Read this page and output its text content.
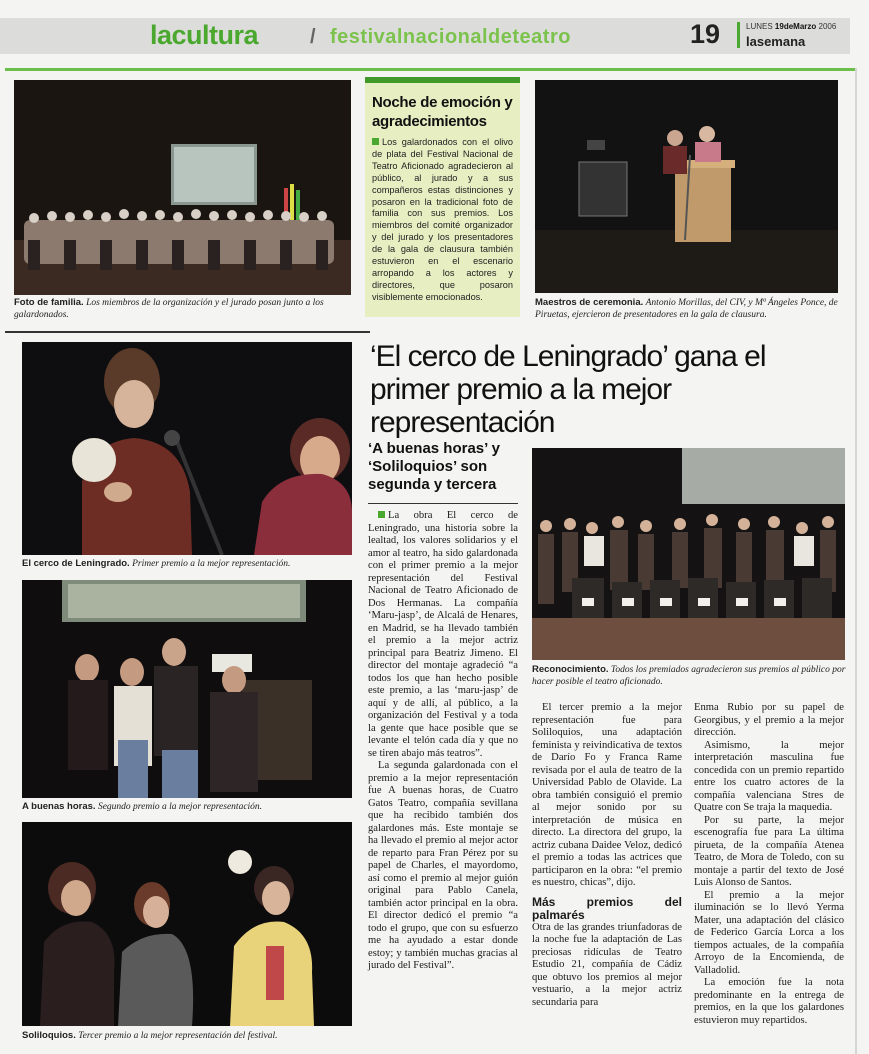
lacultura	/ festivalnacionaldeteatro	19	LUNES 19deMarzo 2006
lasemana
Foto de familia. Los miembros de la organización y el jurado posan junto a los galardonados.
Noche de emoción y agradecimientos
Los galardonados con el olivo de plata del Festival Nacional de Teatro Aficionado agradecieron al público, al jurado y a sus compañeros estas distinciones y posaron en la tradicional foto de familia con sus premios. Los miembros del comité organizador y del jurado y los presentadores de la gala de clausura también estuvieron en el escenario arropando a los actores y directores, que posaron visiblemente emocionados.
Maestros de ceremonia. Antonio Morillas, del CIV, y Mª Ángeles Ponce, de Piruetas, ejercieron de presentadores en la gala de clausura.
‘El cerco de Leningrado’ gana el primer premio a la mejor representación
‘A buenas horas’ y ‘Soliloquios’ son segunda y tercera
El cerco de Leningrado. Primer premio a la mejor representación.
A buenas horas. Segundo premio a la mejor representación.
Soliloquios. Tercer premio a la mejor representación del festival.
Reconocimiento. Todos los premiados agradecieron sus premios al público por hacer posible el teatro aficionado.

La obra El cerco de Leningrado, una historia sobre la lealtad, los valores solidarios y el amor al teatro, ha sido galardonada con el primer premio a la mejor representación del Festival Nacional de Teatro Aficionado de Dos Hermanas. La compañía ‘Maru-jasp’, de Alcalá de Henares, en Madrid, se ha llevado también el premio a la mejor actriz principal para Beatriz Jimeno. El director del montaje agradeció “a todos los que han hecho posible este premio, a las ‘maru-jasp’ de aquí y de allí, al público, a la organización del Festival y a toda la gente que hace posible que se levante el telón cada día y que no se tiren abajo más teatros”.

La segunda galardonada con el premio a la mejor representación fue A buenas horas, de Cuatro Gatos Teatro, compañía sevillana que ha recibido también dos galardones más. Este montaje se ha llevado el premio al mejor actor de reparto para Fran Pérez por su papel de Charles, el mayordomo, así como el premio al mejor guión original para Pablo Canela, también actor principal en la obra. El director dedicó el premio “a todo el grupo, que con su esfuerzo me ha ayudado a estar donde estoy; y también muchas gracias al jurado del Festival”.

El tercer premio a la mejor representación fue para Soliloquios, una adaptación feminista y reivindicativa de textos de Darío Fo y Franca Rame revisada por el aula de teatro de la Universidad Pablo de Olavide. La obra también consiguió el premio al mejor sonido por su interpretación de música en directo. La directora del grupo, la actriz cubana Daidee Veloz, dedicó el premio a todas las actrices que participaron en la obra: “el premio es nuestro, chicas”, dijo.

Más premios del palmarés

Otra de las grandes triunfadoras de la noche fue la adaptación de Las preciosas ridículas de Teatro Estudio 21, compañía de Cádiz que obtuvo los premios al mejor vestuario, a la mejor actriz secundaria para

Enma Rubio por su papel de Georgibus, y el premio a la mejor dirección.

Asimismo, la mejor interpretación masculina fue concedida con un premio repartido entre los cuatro actores de la compañía valenciana Stres de Quatre con Se traja la maquedia.

Por su parte, la mejor escenografía fue para La última pirueta, de la compañía Atenea Teatro, de Mora de Toledo, con su montaje a partir del texto de José Luis Alonso de Santos.

El premio a la mejor iluminación se lo llevó Yerma Mater, una adaptación del clásico de Federico García Lorca a los tiempos actuales, de la compañía Arroyo de la Encomienda, de Valladolid.

La emoción fue la nota predominante en la entrega de premios, en la que los galardones estuvieron muy repartidos.
